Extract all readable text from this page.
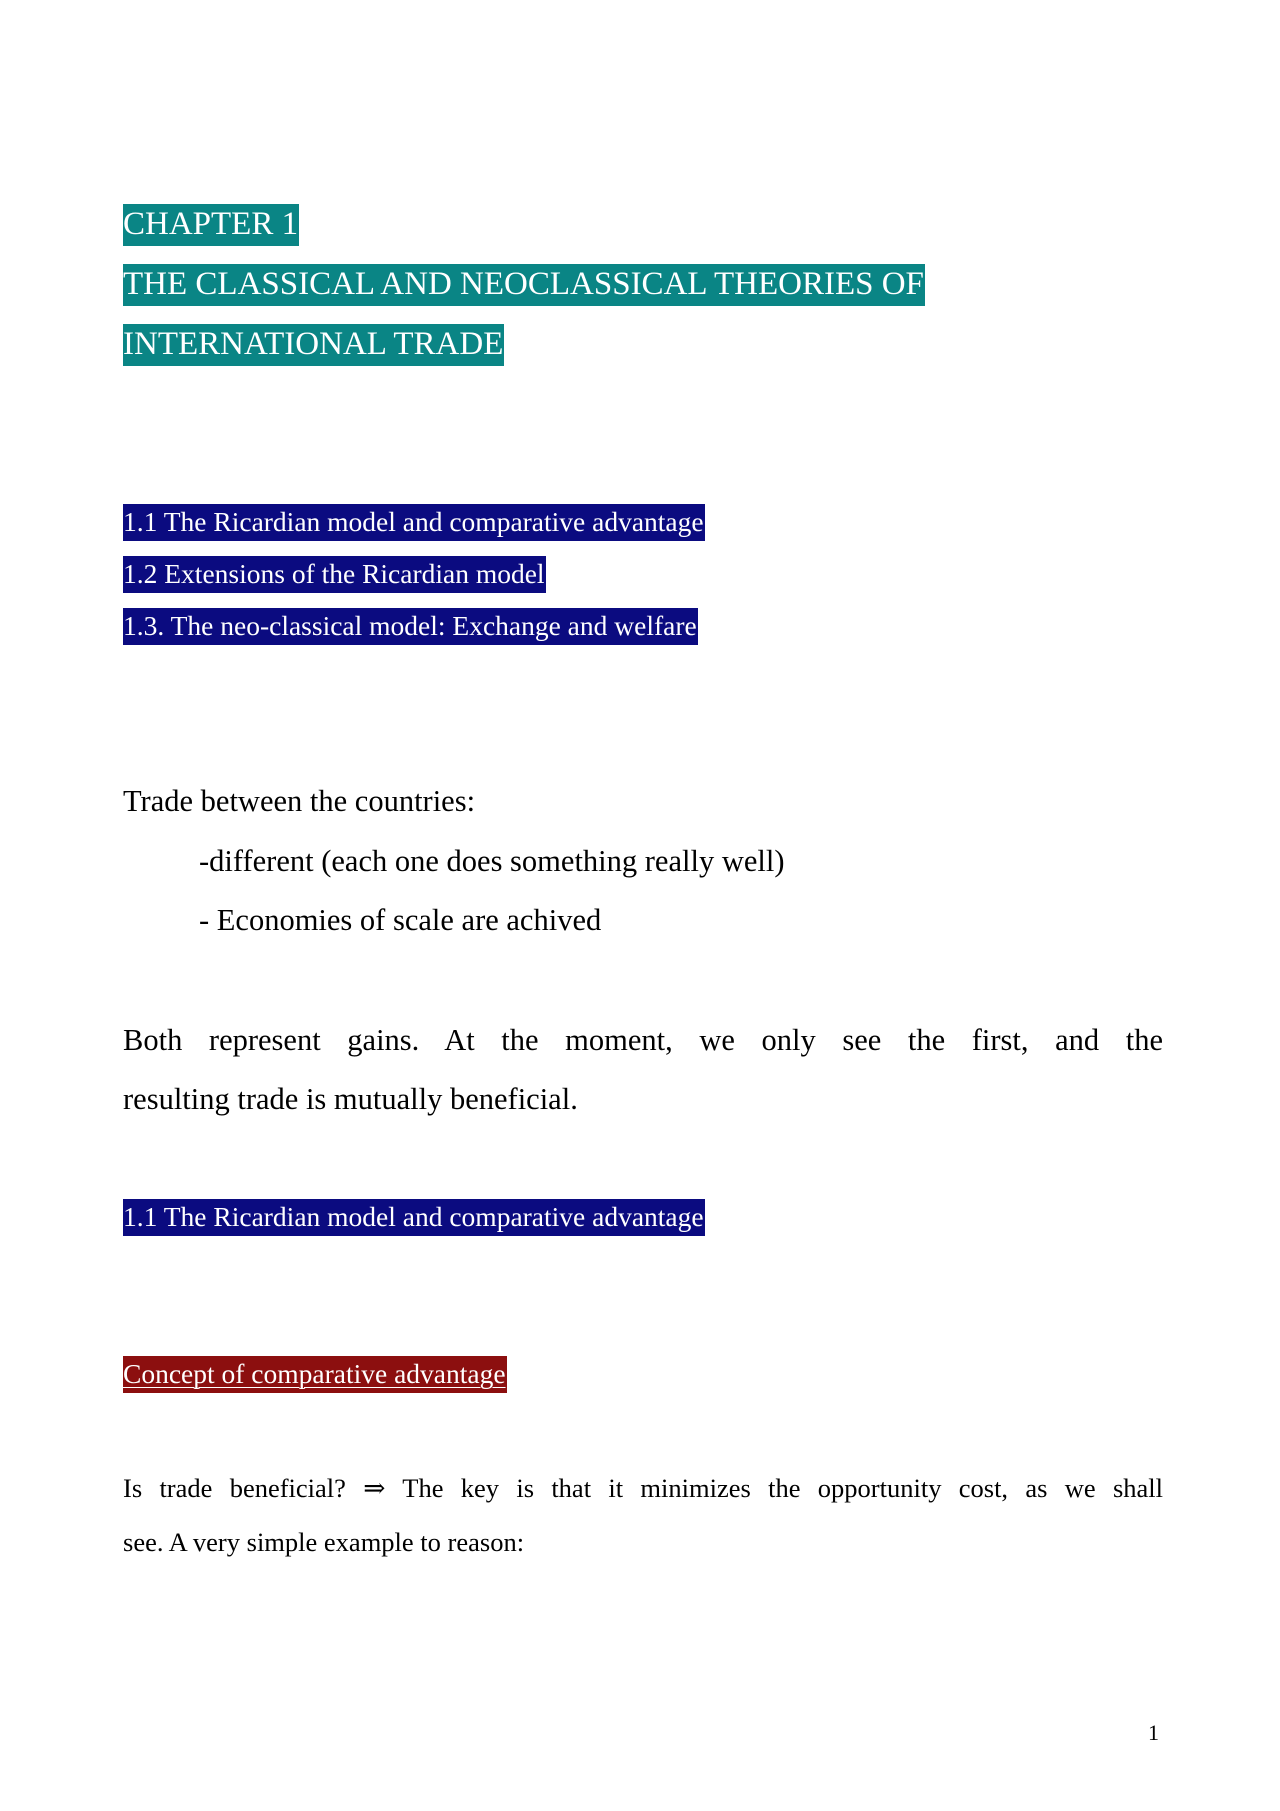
CHAPTER 1
THE CLASSICAL AND NEOCLASSICAL THEORIES OF
INTERNATIONAL TRADE
1.1 The Ricardian model and comparative advantage
1.2 Extensions of the Ricardian model
1.3. The neo-classical model: Exchange and welfare
Trade between the countries:
-different (each one does something really well)
- Economies of scale are achived
Both represent gains. At the moment, we only see the first, and the
resulting trade is mutually beneficial.
1.1 The Ricardian model and comparative advantage
Concept of comparative advantage
Is trade beneficial? ⇒ The key is that it minimizes the opportunity cost, as we shall
see. A very simple example to reason:
1
